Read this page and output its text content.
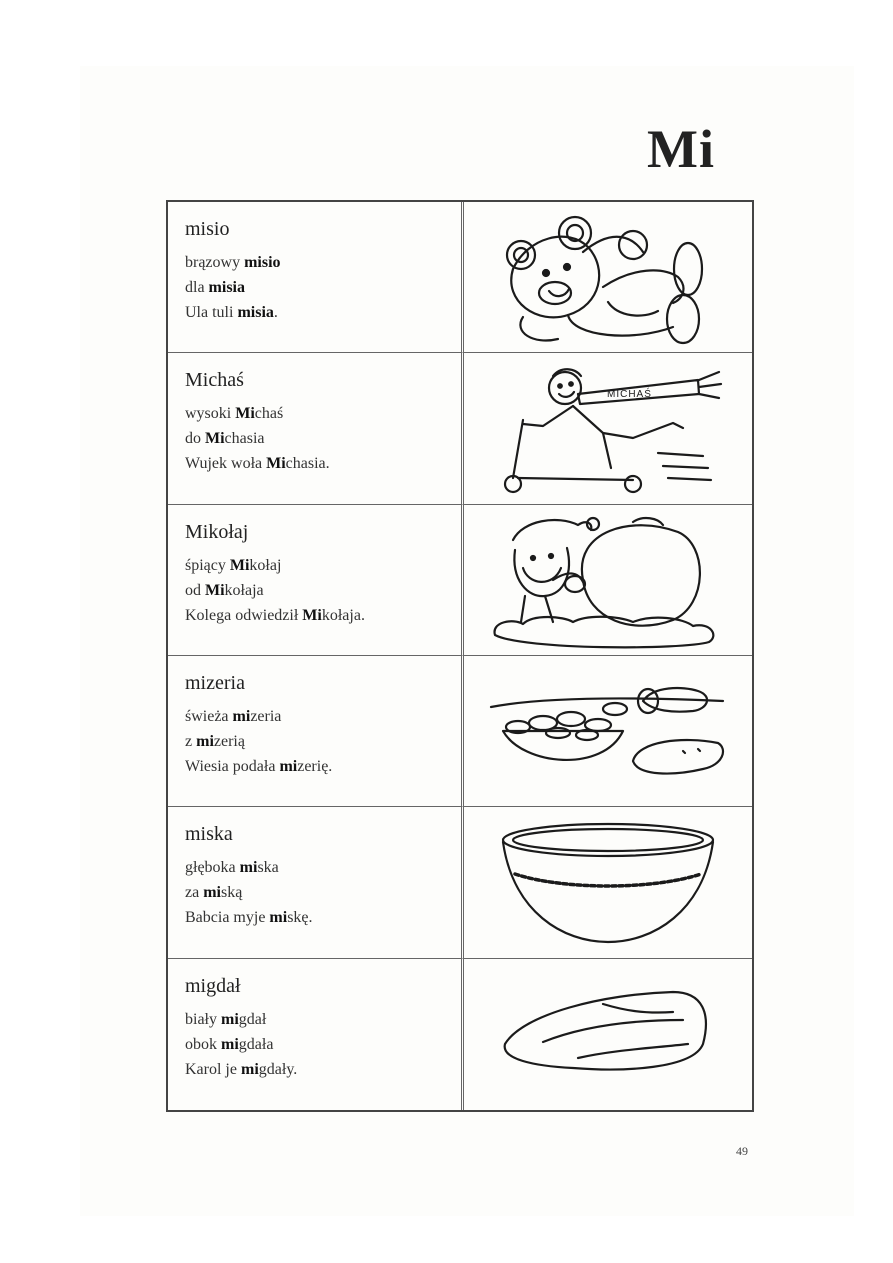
Mi
misio
brązowy misio
dla misia
Ula tuli misia.
Michaś
wysoki Michaś
do Michasia
Wujek woła Michasia.
MICHAŚ
Mikołaj
śpiący Mikołaj
od Mikołaja
Kolega odwiedził Mikołaja.
mizeria
świeża mizeria
z mizerią
Wiesia podała mizerię.
miska
głęboka miska
za miską
Babcia myje miskę.
migdał
biały migdał
obok migdała
Karol je migdały.
49
